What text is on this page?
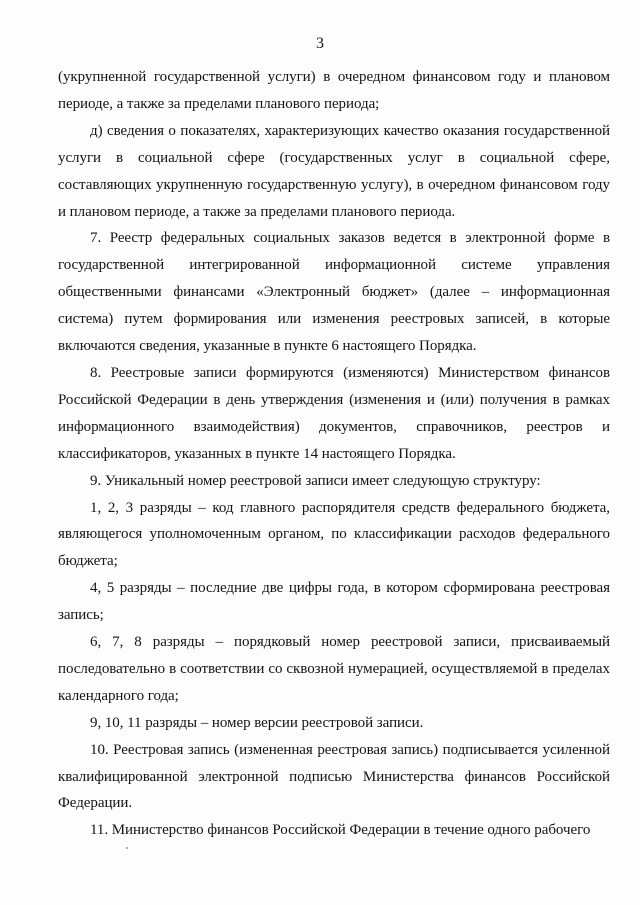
3

(укрупненной государственной услуги) в очередном финансовом году и плановом периоде, а также за пределами планового периода;

д) сведения о показателях, характеризующих качество оказания государственной услуги в социальной сфере (государственных услуг в социальной сфере, составляющих укрупненную государственную услугу), в очередном финансовом году и плановом периоде, а также за пределами планового периода.

7. Реестр федеральных социальных заказов ведется в электронной форме в государственной интегрированной информационной системе управления общественными финансами «Электронный бюджет» (далее – информационная система) путем формирования или изменения реестровых записей, в которые включаются сведения, указанные в пункте 6 настоящего Порядка.

8. Реестровые записи формируются (изменяются) Министерством финансов Российской Федерации в день утверждения (изменения и (или) получения в рамках информационного взаимодействия) документов, справочников, реестров и классификаторов, указанных в пункте 14 настоящего Порядка.

9. Уникальный номер реестровой записи имеет следующую структуру:

1, 2, 3 разряды – код главного распорядителя средств федерального бюджета, являющегося уполномоченным органом, по классификации расходов федерального бюджета;

4, 5 разряды – последние две цифры года, в котором сформирована реестровая запись;

6, 7, 8 разряды – порядковый номер реестровой записи, присваиваемый последовательно в соответствии со сквозной нумерацией, осуществляемой в пределах календарного года;

9, 10, 11 разряды – номер версии реестровой записи.

10. Реестровая запись (измененная реестровая запись) подписывается усиленной квалифицированной электронной подписью Министерства финансов Российской Федерации.

11. Министерство финансов Российской Федерации в течение одного рабочего
